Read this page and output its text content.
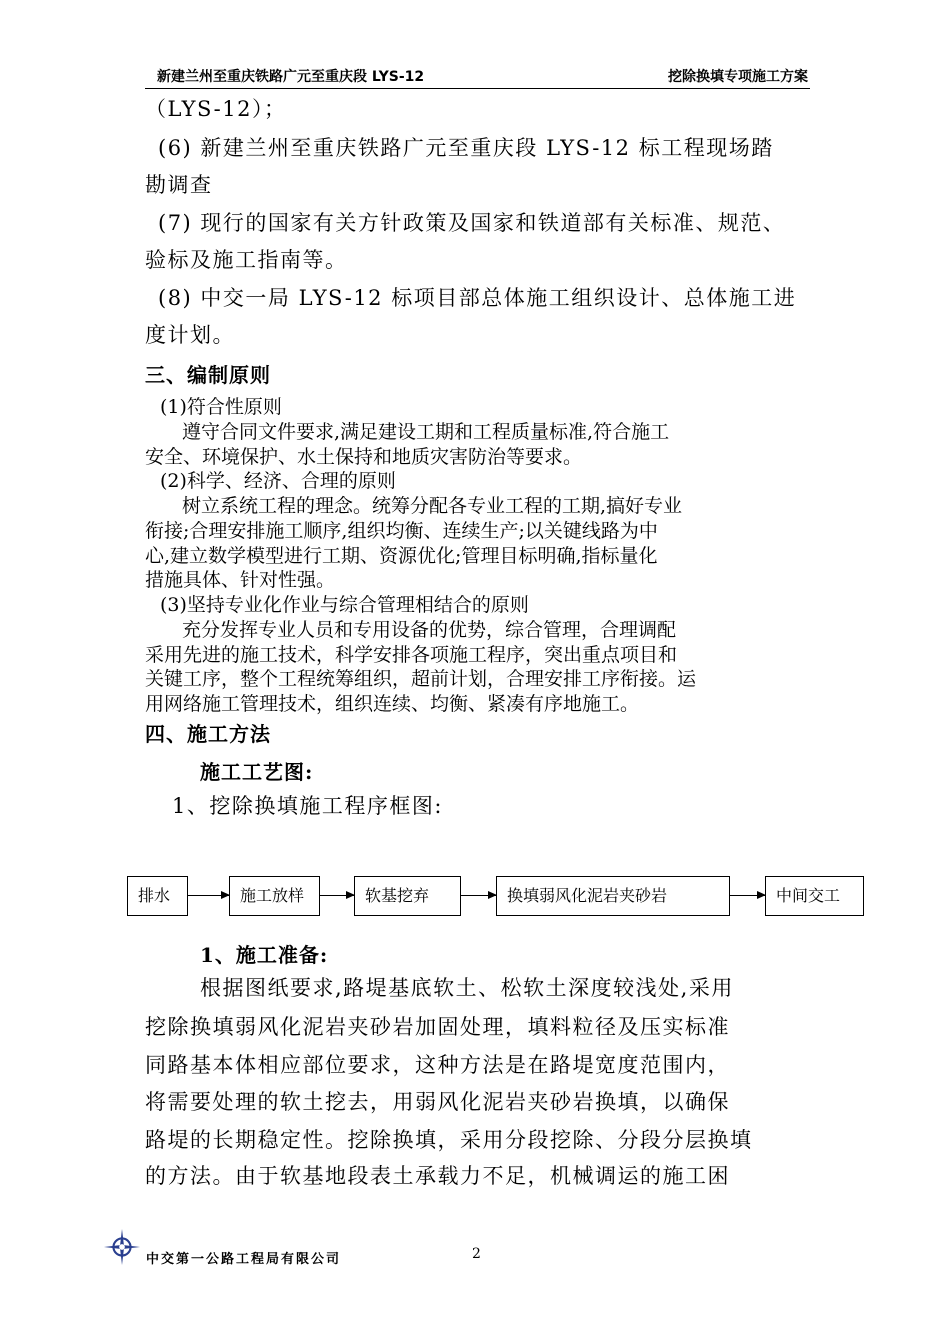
新建兰州至重庆铁路广元至重庆段 LYS-12	挖除换填专项施工方案
（LYS-12）；
(6) 新建兰州至重庆铁路广元至重庆段 LYS-12 标工程现场踏
勘调查
(7) 现行的国家有关方针政策及国家和铁道部有关标准、规范、
验标及施工指南等。
(8) 中交一局 LYS-12 标项目部总体施工组织设计、总体施工进
度计划。
三、编制原则
(1)符合性原则
遵守合同文件要求,满足建设工期和工程质量标准,符合施工
安全、环境保护、水土保持和地质灾害防治等要求。
(2)科学、经济、合理的原则
树立系统工程的理念。统筹分配各专业工程的工期,搞好专业
衔接;合理安排施工顺序,组织均衡、连续生产;以关键线路为中
心,建立数学模型进行工期、资源优化;管理目标明确,指标量化
措施具体、针对性强。
(3)坚持专业化作业与综合管理相结合的原则
充分发挥专业人员和专用设备的优势，综合管理，合理调配
采用先进的施工技术，科学安排各项施工程序，突出重点项目和
关键工序，整个工程统筹组织，超前计划，合理安排工序衔接。运
用网络施工管理技术，组织连续、均衡、紧凑有序地施工。
四、施工方法
施工工艺图:
1、挖除换填施工程序框图:
排水	施工放样	软基挖弃	换填弱风化泥岩夹砂岩	中间交工
1、施工准备:
根据图纸要求,路堤基底软土、松软土深度较浅处,采用
挖除换填弱风化泥岩夹砂岩加固处理，填料粒径及压实标准
同路基本体相应部位要求，这种方法是在路堤宽度范围内，
将需要处理的软土挖去，用弱风化泥岩夹砂岩换填，以确保
路堤的长期稳定性。挖除换填，采用分段挖除、分段分层换填
的方法。由于软基地段表土承载力不足，机械调运的施工困
中交第一公路工程局有限公司	2
